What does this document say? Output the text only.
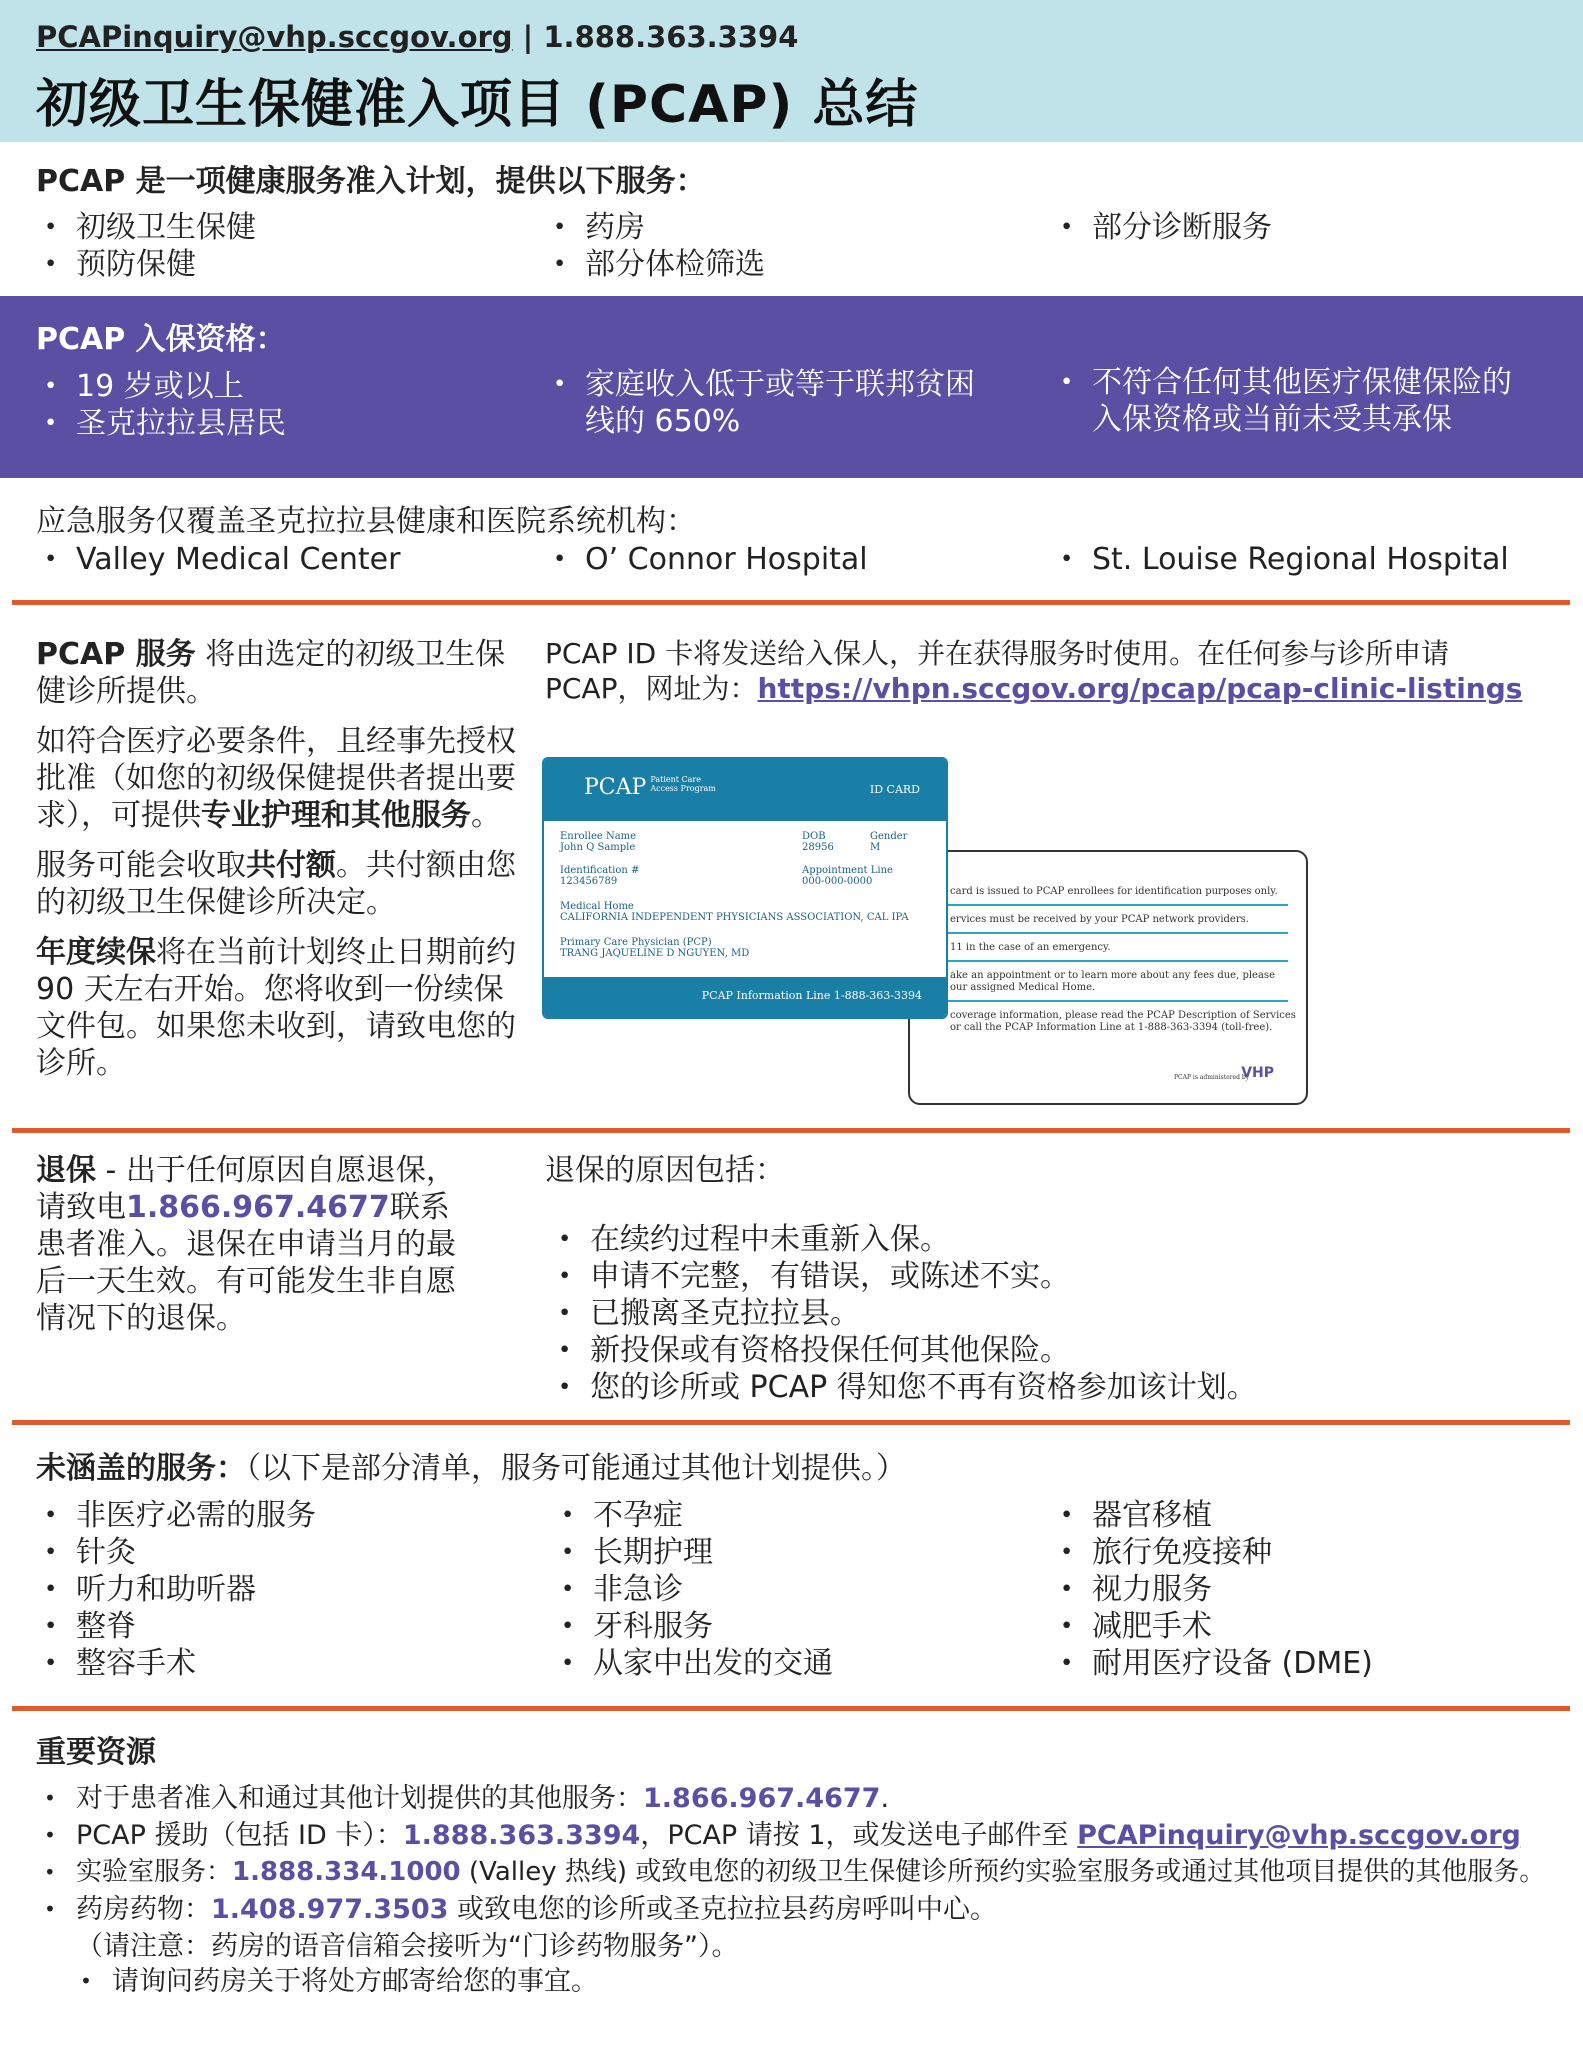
PCAPinquiry@vhp.sccgov.org | 1.888.363.3394
初级卫生保健准入项目 (PCAP) 总结
PCAP 是一项健康服务准入计划，提供以下服务：
• 初级卫生保健
• 预防保健
• 药房
• 部分体检筛选
• 部分诊断服务
PCAP 入保资格：
• 19 岁或以上
• 圣克拉拉县居民
• 家庭收入低于或等于联邦贫困线的 650%
• 不符合任何其他医疗保健保险的入保资格或当前未受其承保
应急服务仅覆盖圣克拉拉县健康和医院系统机构：
• Valley Medical Center	• O’ Connor Hospital	• St. Louise Regional Hospital

PCAP 服务 将由选定的初级卫生保健诊所提供。

如符合医疗必要条件，且经事先授权批准（如您的初级保健提供者提出要求），可提供专业护理和其他服务。

服务可能会收取共付额。共付额由您的初级卫生保健诊所决定。

年度续保将在当前计划终止日期前约 90 天左右开始。您将收到一份续保文件包。如果您未收到，请致电您的诊所。

PCAP ID 卡将发送给入保人，并在获得服务时使用。在任何参与诊所申请 PCAP，网址为：https://vhpn.sccgov.org/pcap/pcap-clinic-listings
card is issued to PCAP enrollees for identification purposes only.
ervices must be received by your PCAP network providers.
11 in the case of an emergency.
ake an appointment or to learn more about any fees due, please
our assigned Medical Home.
coverage information, please read the PCAP Description of Services
or call the PCAP Information Line at 1-888-363-3394 (toll-free).
PCAP is administered by
VHP
PCAP Patient Care
Access Program	ID CARD
Enrollee Name
John Q Sample
DOB
28956
Gender
M
Identification #
123456789
Appointment Line
000-000-0000
Medical Home
CALIFORNIA INDEPENDENT PHYSICIANS ASSOCIATION, CAL IPA
Primary Care Physician (PCP)
TRANG JAQUELINE D NGUYEN, MD
PCAP Information Line 1-888-363-3394
退保 - 出于任何原因自愿退保，请致电1.866.967.4677联系患者准入。退保在申请当月的最后一天生效。有可能发生非自愿情况下的退保。
退保的原因包括：
• 在续约过程中未重新入保。
• 申请不完整，有错误，或陈述不实。
• 已搬离圣克拉拉县。
• 新投保或有资格投保任何其他保险。
• 您的诊所或 PCAP 得知您不再有资格参加该计划。
未涵盖的服务：（以下是部分清单，服务可能通过其他计划提供。）
• 非医疗必需的服务
• 针灸
• 听力和助听器
• 整脊
• 整容手术
• 不孕症
• 长期护理
• 非急诊
• 牙科服务
• 从家中出发的交通
• 器官移植
• 旅行免疫接种
• 视力服务
• 减肥手术
• 耐用医疗设备 (DME)
重要资源
• 对于患者准入和通过其他计划提供的其他服务：1.866.967.4677.
• PCAP 援助（包括 ID 卡）：1.888.363.3394，PCAP 请按 1，或发送电子邮件至 PCAPinquiry@vhp.sccgov.org
• 实验室服务：1.888.334.1000 (Valley 热线) 或致电您的初级卫生保健诊所预约实验室服务或通过其他项目提供的其他服务。
• 药房药物：1.408.977.3503 或致电您的诊所或圣克拉拉县药房呼叫中心。
（请注意：药房的语音信箱会接听为“门诊药物服务”）。
• 请询问药房关于将处方邮寄给您的事宜。
